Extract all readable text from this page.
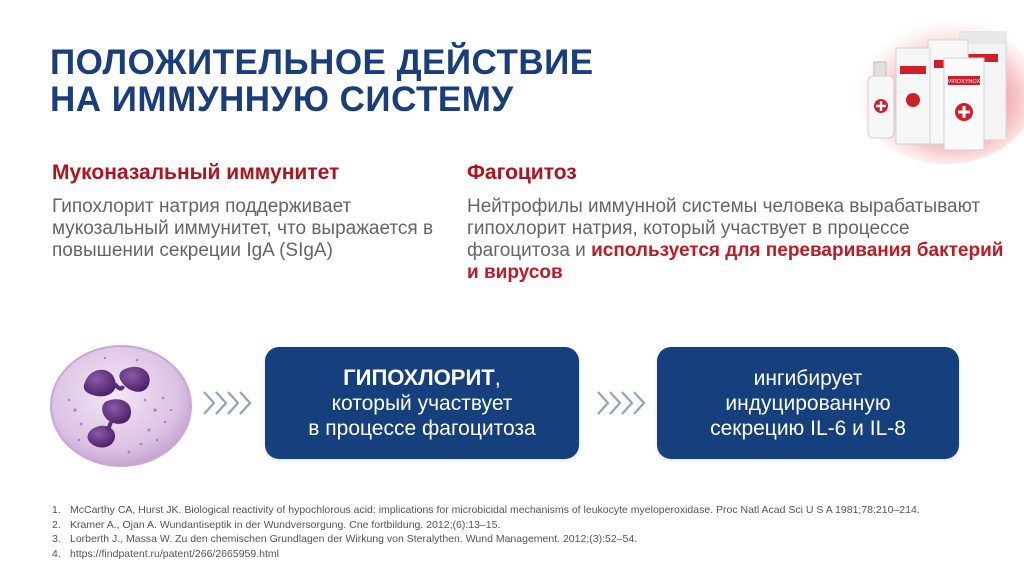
ПОЛОЖИТЕЛЬНОЕ ДЕЙСТВИЕ
НА ИММУННУЮ СИСТЕМУ	VIROXYNOX
Муконазальный иммунитет

Гипохлорит натрия поддерживает мукозальный иммунитет, что выражается в повышении секреции IgA (SIgA)

Фагоцитоз

Нейтрофилы иммунной системы человека вырабатывают гипохлорит натрия, который участвует в процессе фагоцитоза и используется для переваривания бактерий и вирусов

ГИПОХЛОРИТ,
который участвует
в процессе фагоцитоза
ингибирует
индуцированную
секрецию IL-6 и IL-8
1. McCarthy CA, Hurst JK. Biological reactivity of hypochlorous acid: implications for microbicidal mechanisms of leukocyte myeloperoxidase. Proc Natl Acad Sci U S A 1981;78:210–214.
2. Kramer A., Ojan A. Wundantiseptik in der Wundversorgung. Cne fortbildung. 2012;(6):13–15.
3. Lorberth J., Massa W. Zu den chemischen Grundlagen der Wirkung von Steralythen. Wund Management. 2012;(3):52–54.
4. https://findpatent.ru/patent/266/2665959.html
